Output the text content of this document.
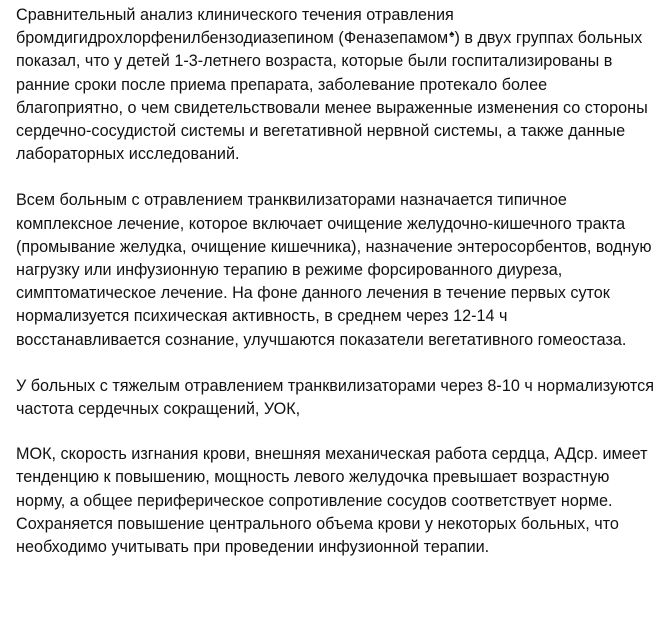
Сравнительный анализ клинического течения отравления бромдигидрохлорфенилбензодиазепином (Феназепамом♠) в двух группах больных показал, что у детей 1-3-летнего возраста, которые были госпитализированы в ранние сроки после приема препарата, заболевание протекало более благоприятно, о чем свидетельствовали менее выраженные изменения со стороны сердечно-сосудистой системы и вегетативной нервной системы, а также данные лабораторных исследований.

Всем больным с отравлением транквилизаторами назначается типичное комплексное лечение, которое включает очищение желудочно-кишечного тракта (промывание желудка, очищение кишечника), назначение энтеросорбентов, водную нагрузку или инфузионную терапию в режиме форсированного диуреза, симптоматическое лечение. На фоне данного лечения в течение первых суток нормализуется психическая активность, в среднем через 12-14 ч восстанавливается сознание, улучшаются показатели вегетативного гомеостаза.

У больных с тяжелым отравлением транквилизаторами через 8-10 ч нормализуются частота сердечных сокращений, УОК,

МОК, скорость изгнания крови, внешняя механическая работа сердца, АДср. имеет тенденцию к повышению, мощность левого желудочка превышает возрастную норму, а общее периферическое сопротивление сосудов соответствует норме. Сохраняется повышение центрального объема крови у некоторых больных, что необходимо учитывать при проведении инфузионной терапии.
